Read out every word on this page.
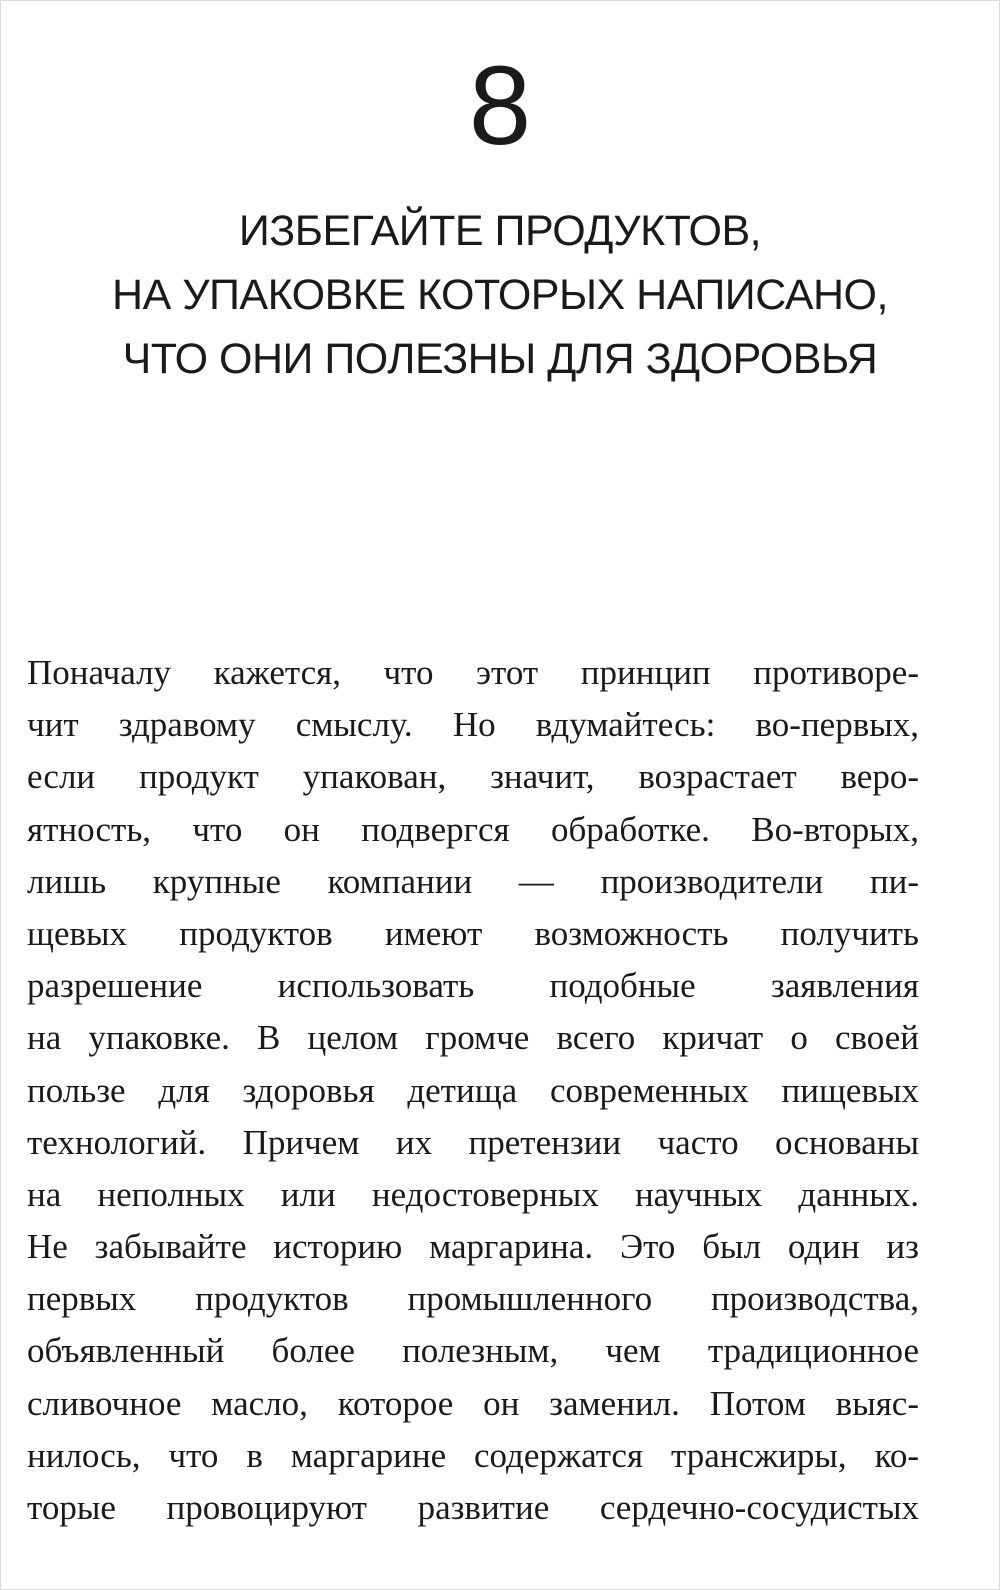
8
ИЗБЕГАЙТЕ ПРОДУКТОВ,
НА УПАКОВКЕ КОТОРЫХ НАПИСАНО,
ЧТО ОНИ ПОЛЕЗНЫ ДЛЯ ЗДОРОВЬЯ
Поначалу кажется, что этот принцип противоре-
чит здравому смыслу. Но вдумайтесь: во-первых,
если продукт упакован, значит, возрастает веро-
ятность, что он подвергся обработке. Во-вторых,
лишь крупные компании — производители пи-
щевых продуктов имеют возможность получить
разрешение использовать подобные заявления
на упаковке. В целом громче всего кричат о своей
пользе для здоровья детища современных пищевых
технологий. Причем их претензии часто основаны
на неполных или недостоверных научных данных.
Не забывайте историю маргарина. Это был один из
первых продуктов промышленного производства,
объявленный более полезным, чем традиционное
сливочное масло, которое он заменил. Потом выяс-
нилось, что в маргарине содержатся трансжиры, ко-
торые провоцируют развитие сердечно-сосудистых
